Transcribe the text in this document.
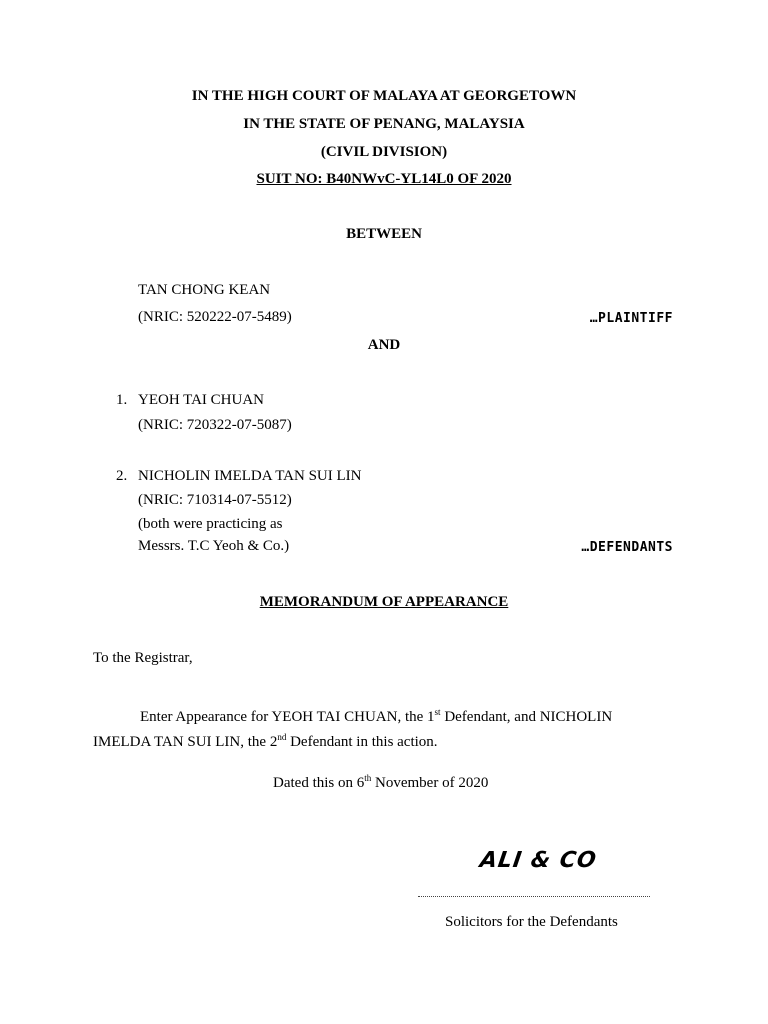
IN THE HIGH COURT OF MALAYA AT GEORGETOWN
IN THE STATE OF PENANG, MALAYSIA
(CIVIL DIVISION)
SUIT NO: B40NWvC-YL14L0 OF 2020
BETWEEN
TAN CHONG KEAN
(NRIC: 520222-07-5489)	…PLAINTIFF
AND
1. YEOH TAI CHUAN
(NRIC: 720322-07-5087)
2. NICHOLIN IMELDA TAN SUI LIN
(NRIC: 710314-07-5512)
(both were practicing as
Messrs. T.C Yeoh & Co.)	…DEFENDANTS
MEMORANDUM OF APPEARANCE
To the Registrar,
Enter Appearance for YEOH TAI CHUAN, the 1st Defendant, and NICHOLIN
IMELDA TAN SUI LIN, the 2nd Defendant in this action.
Dated this on 6th November of 2020
ALI & CO
Solicitors for the Defendants
